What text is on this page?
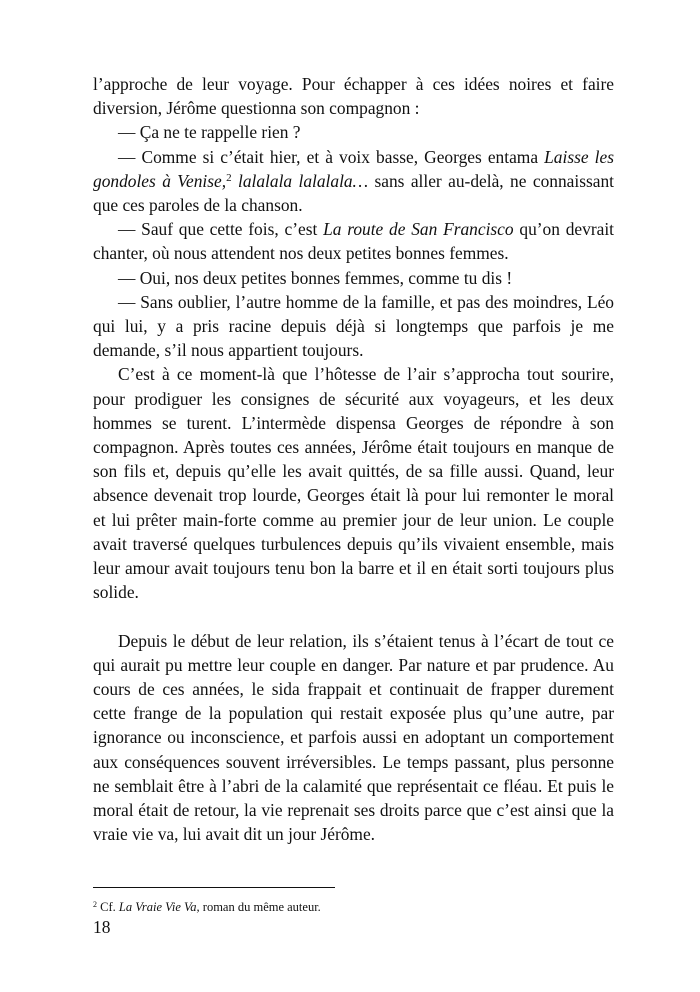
l’approche de leur voyage. Pour échapper à ces idées noires et faire diversion, Jérôme questionna son compagnon :

— Ça ne te rappelle rien ?

— Comme si c’était hier, et à voix basse, Georges entama Laisse les gondoles à Venise,$^2$ lalalala lalalala… sans aller au-delà, ne connaissant que ces paroles de la chanson.

— Sauf que cette fois, c’est La route de San Francisco qu’on devrait chanter, où nous attendent nos deux petites bonnes femmes.

— Oui, nos deux petites bonnes femmes, comme tu dis !

— Sans oublier, l’autre homme de la famille, et pas des moindres, Léo qui lui, y a pris racine depuis déjà si longtemps que parfois je me demande, s’il nous appartient toujours.

C’est à ce moment-là que l’hôtesse de l’air s’approcha tout sourire, pour prodiguer les consignes de sécurité aux voyageurs, et les deux hommes se turent. L’intermède dispensa Georges de répondre à son compagnon. Après toutes ces années, Jérôme était toujours en manque de son fils et, depuis qu’elle les avait quittés, de sa fille aussi. Quand, leur absence devenait trop lourde, Georges était là pour lui remonter le moral et lui prêter main-forte comme au premier jour de leur union. Le couple avait traversé quelques turbulences depuis qu’ils vivaient ensemble, mais leur amour avait toujours tenu bon la barre et il en était sorti toujours plus solide.

Depuis le début de leur relation, ils s’étaient tenus à l’écart de tout ce qui aurait pu mettre leur couple en danger. Par nature et par prudence. Au cours de ces années, le sida frappait et continuait de frapper durement cette frange de la population qui restait exposée plus qu’une autre, par ignorance ou inconscience, et parfois aussi en adoptant un comportement aux conséquences souvent irréversibles. Le temps passant, plus personne ne semblait être à l’abri de la calamité que représentait ce fléau. Et puis le moral était de retour, la vie reprenait ses droits parce que c’est ainsi que la vraie vie va, lui avait dit un jour Jérôme.

$^2$ Cf. La Vraie Vie Va, roman du même auteur.
18
